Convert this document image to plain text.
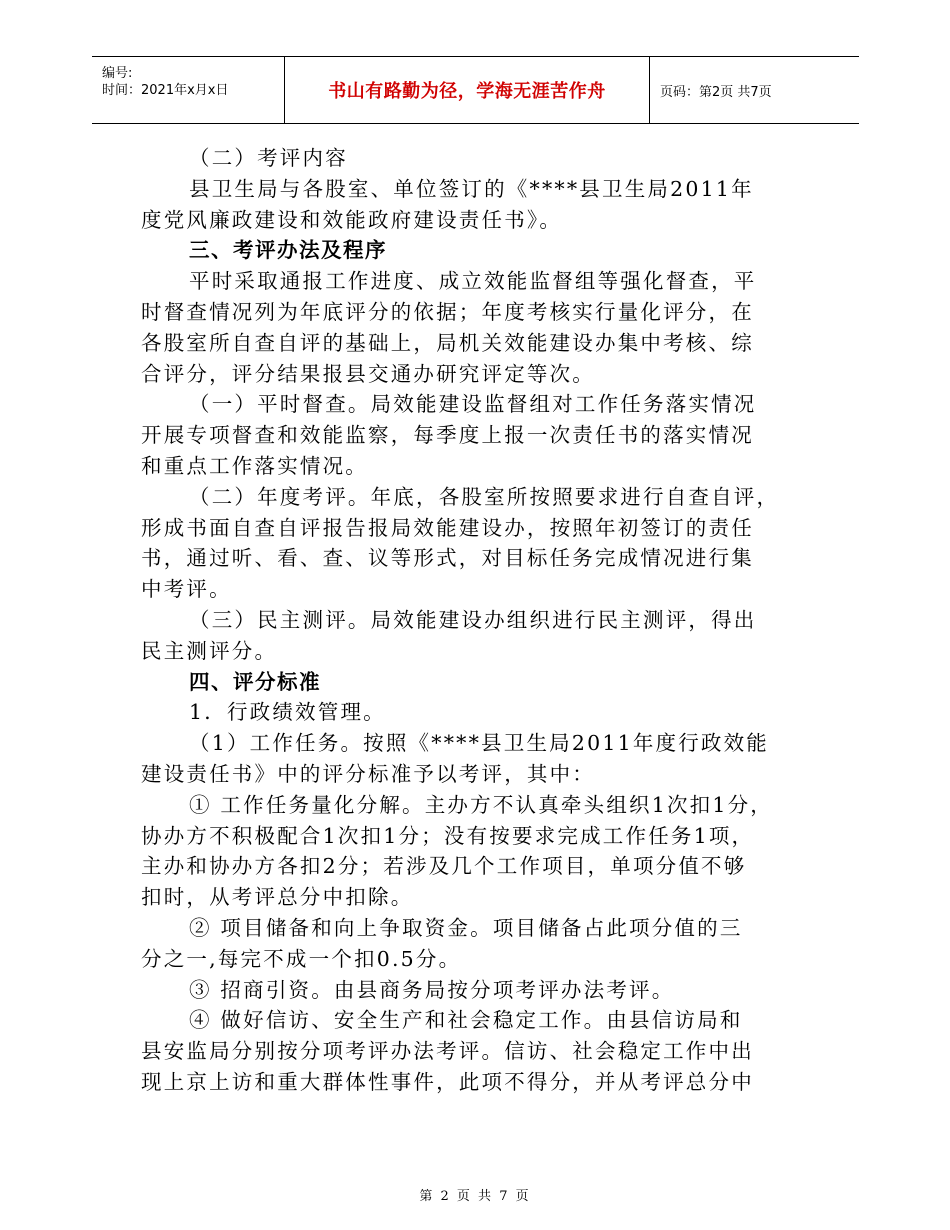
编号:
时间：2021年x月x日	书山有路勤为径，学海无涯苦作舟	页码：第2页 共7页
（二）考评内容
县卫生局与各股室、单位签订的《****县卫生局2011年
度党风廉政建设和效能政府建设责任书》。
三、考评办法及程序
平时采取通报工作进度、成立效能监督组等强化督查，平
时督查情况列为年底评分的依据；年度考核实行量化评分，在
各股室所自查自评的基础上，局机关效能建设办集中考核、综
合评分，评分结果报县交通办研究评定等次。
（一）平时督查。局效能建设监督组对工作任务落实情况
开展专项督查和效能监察，每季度上报一次责任书的落实情况
和重点工作落实情况。
（二）年度考评。年底，各股室所按照要求进行自查自评，
形成书面自查自评报告报局效能建设办，按照年初签订的责任
书，通过听、看、查、议等形式，对目标任务完成情况进行集
中考评。
（三）民主测评。局效能建设办组织进行民主测评，得出
民主测评分。
四、评分标准
1．行政绩效管理。
（1）工作任务。按照《****县卫生局2011年度行政效能
建设责任书》中的评分标准予以考评，其中：
① 工作任务量化分解。主办方不认真牵头组织1次扣1分，
协办方不积极配合1次扣1分；没有按要求完成工作任务1项，
主办和协办方各扣2分；若涉及几个工作项目，单项分值不够
扣时，从考评总分中扣除。
② 项目储备和向上争取资金。项目储备占此项分值的三
分之一,每完不成一个扣0.5分。
③ 招商引资。由县商务局按分项考评办法考评。
④ 做好信访、安全生产和社会稳定工作。由县信访局和
县安监局分别按分项考评办法考评。信访、社会稳定工作中出
现上京上访和重大群体性事件，此项不得分，并从考评总分中
第 2 页 共 7 页
